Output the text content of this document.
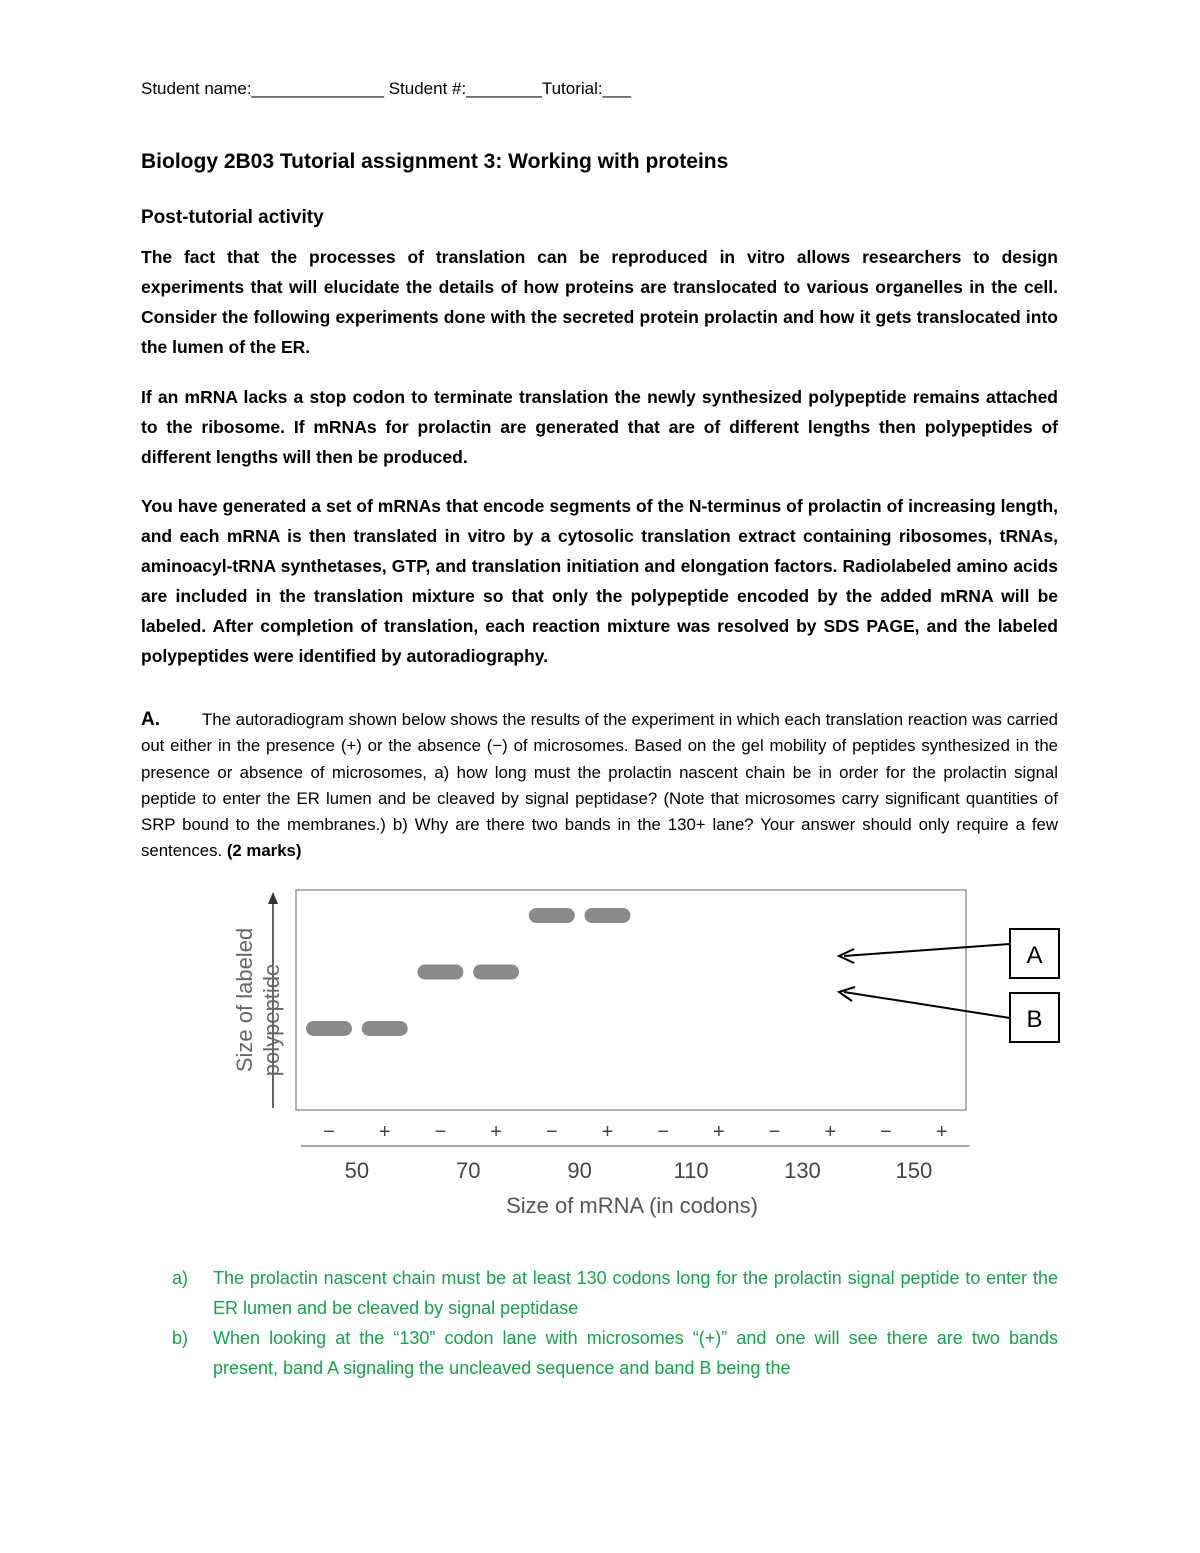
Student name:______________ Student #:________Tutorial:___
Biology 2B03 Tutorial assignment 3: Working with proteins
Post-tutorial activity

The fact that the processes of translation can be reproduced in vitro allows researchers to design experiments that will elucidate the details of how proteins are translocated to various organelles in the cell. Consider the following experiments done with the secreted protein prolactin and how it gets translocated into the lumen of the ER.

If an mRNA lacks a stop codon to terminate translation the newly synthesized polypeptide remains attached to the ribosome. If mRNAs for prolactin are generated that are of different lengths then polypeptides of different lengths will then be produced.

You have generated a set of mRNAs that encode segments of the N-terminus of prolactin of increasing length, and each mRNA is then translated in vitro by a cytosolic translation extract containing ribosomes, tRNAs, aminoacyl-tRNA synthetases, GTP, and translation initiation and elongation factors. Radiolabeled amino acids are included in the translation mixture so that only the polypeptide encoded by the added mRNA will be labeled. After completion of translation, each reaction mixture was resolved by SDS PAGE, and the labeled polypeptides were identified by autoradiography.

A.	The autoradiogram shown below shows the results of the experiment in which each translation reaction was carried out either in the presence (+) or the absence (−) of microsomes. Based on the gel mobility of peptides synthesized in the presence or absence of microsomes, a) how long must the prolactin nascent chain be in order for the prolactin signal peptide to enter the ER lumen and be cleaved by signal peptidase? (Note that microsomes carry significant quantities of SRP bound to the membranes.) b) Why are there two bands in the 130+ lane? Your answer should only require a few sentences. (2 marks)

Size of labeled polypeptide
− + − + − + − + − + − +
50	70	90	110	130	150
A
B
Size of mRNA (in codons)

a) The prolactin nascent chain must be at least 130 codons long for the prolactin signal peptide to enter the ER lumen and be cleaved by signal peptidase

b) When looking at the “130” codon lane with microsomes “(+)” and one will see there are two bands present, band A signaling the uncleaved sequence and band B being the
